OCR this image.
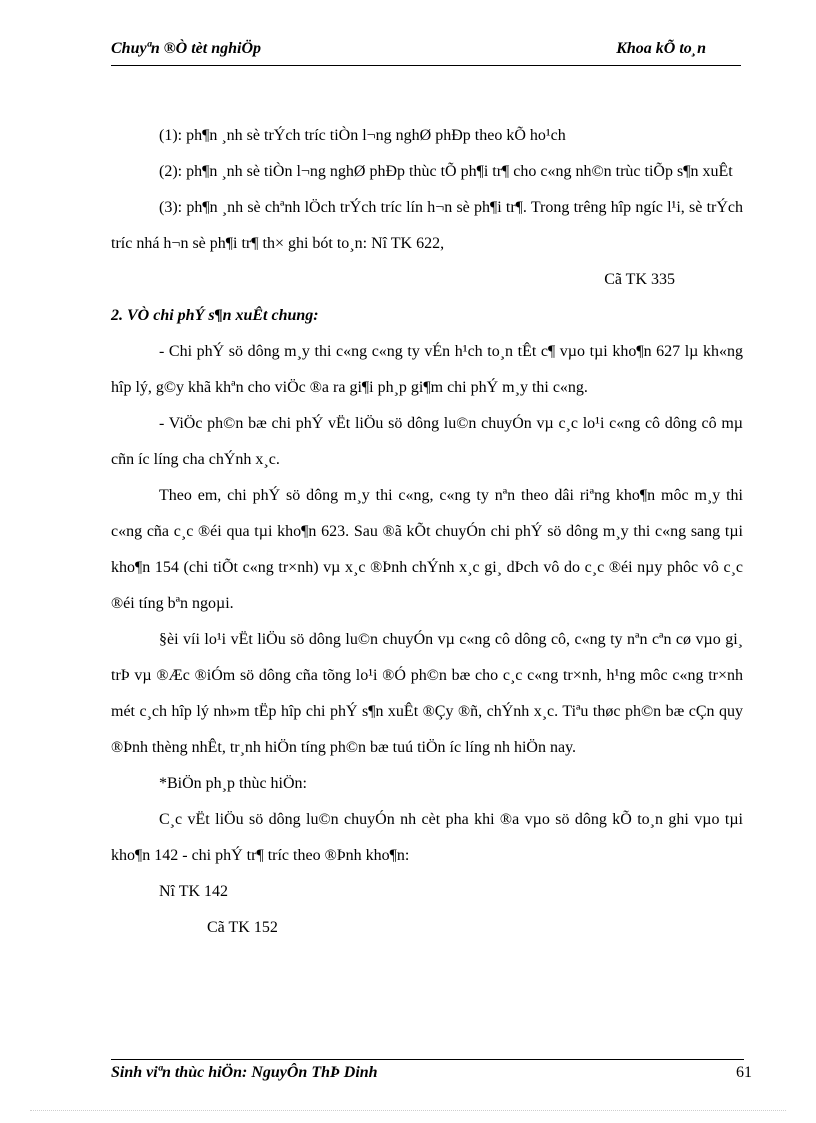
Chuyªn ®Ò tèt nghiÖp	Khoa kÕ to¸n

(1): ph¶n ¸nh sè trÝch tríc tiÒn l¬ng nghØ phÐp theo kÕ ho¹ch

(2): ph¶n ¸nh sè tiÒn l¬ng nghØ phÐp thùc tÕ ph¶i tr¶ cho c«ng nh©n trùc tiÕp s¶n xuÊt

(3): ph¶n ¸nh sè chªnh lÖch trÝch tríc lín h¬n sè ph¶i tr¶. Trong trêng hîp ngíc l¹i, sè trÝch tríc nhá h¬n sè ph¶i tr¶ th× ghi bót to¸n: Nî TK 622,

Cã TK 335

2. VÒ chi phÝ s¶n xuÊt chung:

- Chi phÝ sö dông m¸y thi c«ng c«ng ty vÉn h¹ch to¸n tÊt c¶ vµo tµi kho¶n 627 lµ kh«ng hîp lý, g©y khã khªn cho viÖc ®a ra gi¶i ph¸p gi¶m chi phÝ m¸y thi c«ng.

- ViÖc ph©n bæ chi phÝ vËt liÖu sö dông lu©n chuyÓn vµ c¸c lo¹i c«ng cô dông cô mµ cñn íc líng cha chÝnh x¸c.

Theo em, chi phÝ sö dông m¸y thi c«ng, c«ng ty nªn theo dâi riªng kho¶n môc m¸y thi c«ng cña c¸c ®éi qua tµi kho¶n 623. Sau ®ã kÕt chuyÓn chi phÝ sö dông m¸y thi c«ng sang tµi kho¶n 154 (chi tiÕt c«ng tr×nh) vµ x¸c ®Þnh chÝnh x¸c gi¸ dÞch vô do c¸c ®éi nµy phôc vô c¸c ®éi tíng bªn ngoµi.

§èi víi lo¹i vËt liÖu sö dông lu©n chuyÓn vµ c«ng cô dông cô, c«ng ty nªn cªn cø vµo gi¸ trÞ vµ ®Æc ®iÓm sö dông cña tõng lo¹i ®Ó ph©n bæ cho c¸c c«ng tr×nh, h¹ng môc c«ng tr×nh mét c¸ch hîp lý nh»m tËp hîp chi phÝ s¶n xuÊt ®Çy ®ñ, chÝnh x¸c. Tiªu thøc ph©n bæ cÇn quy ®Þnh thèng nhÊt, tr¸nh hiÖn tíng ph©n bæ tuú tiÖn íc líng nh hiÖn nay.

*BiÖn ph¸p thùc hiÖn:

C¸c vËt liÖu sö dông lu©n chuyÓn nh cèt pha khi ®a vµo sö dông kÕ to¸n ghi vµo tµi kho¶n 142 - chi phÝ tr¶ tríc theo ®Þnh kho¶n:

Nî TK 142

Cã TK 152

Sinh viªn thùc hiÖn: NguyÔn ThÞ Dinh	61
